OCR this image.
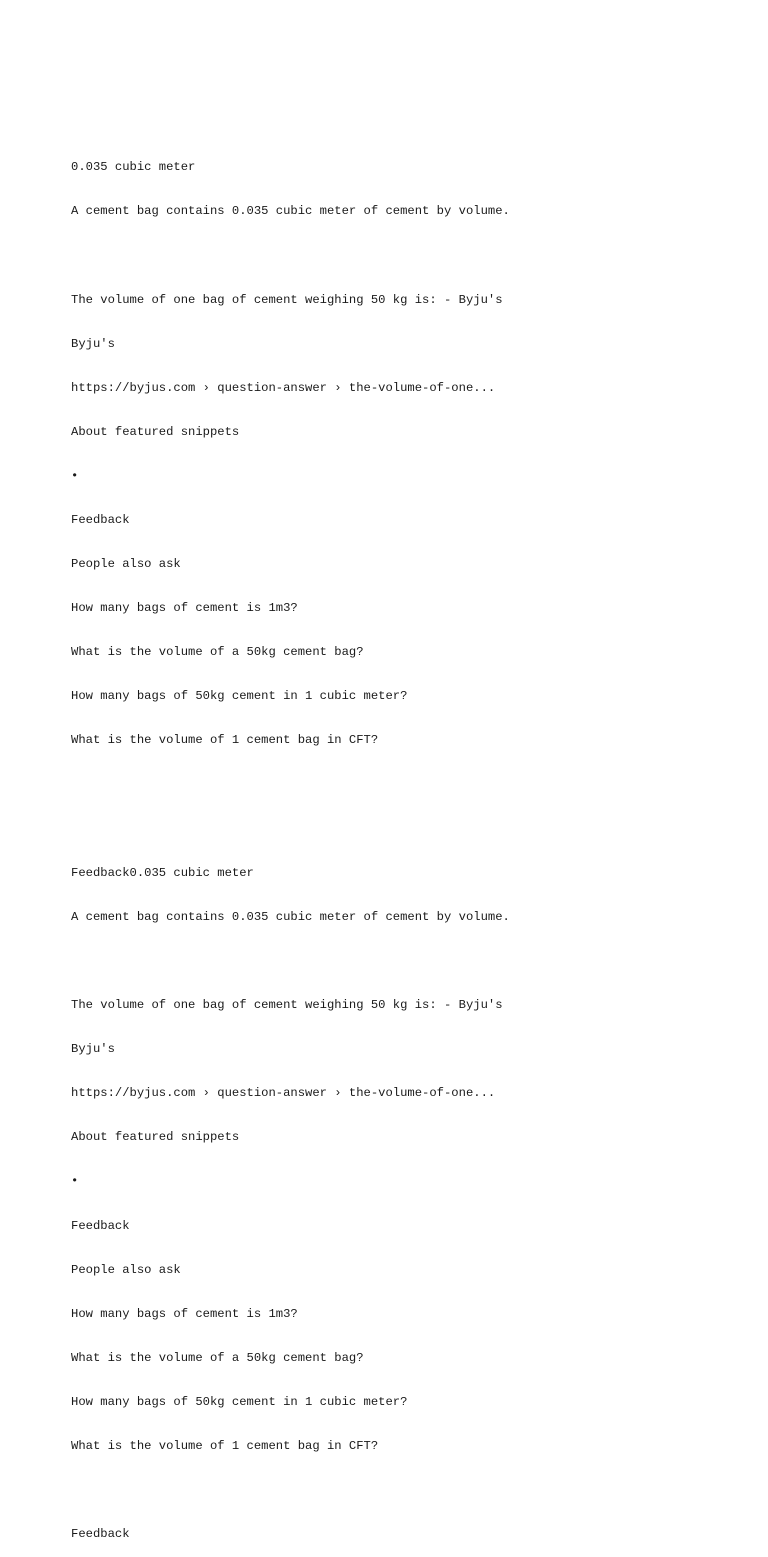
0.035 cubic meter

A cement bag contains 0.035 cubic meter of cement by volume.

The volume of one bag of cement weighing 50 kg is: - Byju's

Byju's

https://byjus.com › question-answer › the-volume-of-one...

About featured snippets

•

Feedback

People also ask

How many bags of cement is 1m3?

What is the volume of a 50kg cement bag?

How many bags of 50kg cement in 1 cubic meter?

What is the volume of 1 cement bag in CFT?

Feedback0.035 cubic meter

A cement bag contains 0.035 cubic meter of cement by volume.

The volume of one bag of cement weighing 50 kg is: - Byju's

Byju's

https://byjus.com › question-answer › the-volume-of-one...

About featured snippets

•

Feedback

People also ask

How many bags of cement is 1m3?

What is the volume of a 50kg cement bag?

How many bags of 50kg cement in 1 cubic meter?

What is the volume of 1 cement bag in CFT?

Feedback
